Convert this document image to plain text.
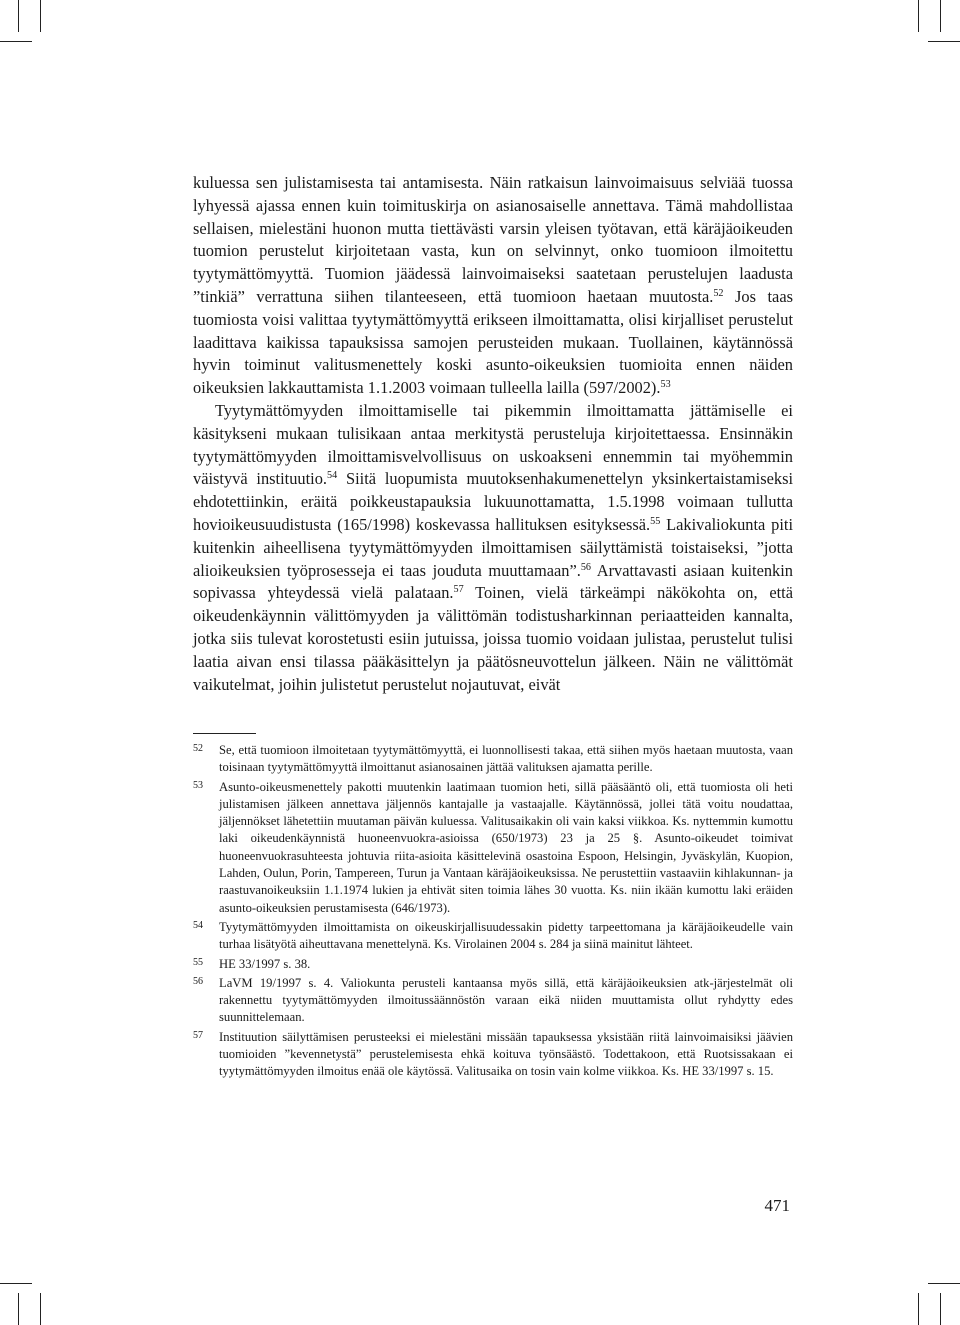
kuluessa sen julistamisesta tai antamisesta. Näin ratkaisun lainvoimaisuus selviää tuossa lyhyessä ajassa ennen kuin toimituskirja on asianosaiselle annettava. Tämä mahdollistaa sellaisen, mielestäni huonon mutta tiettävästi varsin yleisen työtavan, että käräjäoikeuden tuomion perustelut kirjoitetaan vasta, kun on selvinnyt, onko tuomioon ilmoitettu tyytymättömyyttä. Tuomion jäädessä lainvoimaiseksi saatetaan perustelujen laadusta ”tinkiä” verrattuna siihen tilanteeseen, että tuomioon haetaan muutosta.$^{52}$ Jos taas tuomiosta voisi valittaa tyytymättömyyttä erikseen ilmoittamatta, olisi kirjalliset perustelut laadittava kaikissa tapauksissa samojen perusteiden mukaan. Tuollainen, käytännössä hyvin toiminut valitusmenettely koski asunto-oikeuksien tuomioita ennen näiden oikeuksien lakkauttamista 1.1.2003 voimaan tulleella lailla (597/2002).$^{53}$

Tyytymättömyyden ilmoittamiselle tai pikemmin ilmoittamatta jättämiselle ei käsitykseni mukaan tulisikaan antaa merkitystä perusteluja kirjoitettaessa. Ensinnäkin tyytymättömyyden ilmoittamisvelvollisuus on uskoakseni ennemmin tai myöhemmin väistyvä instituutio.$^{54}$ Siitä luopumista muutoksenhakumenettelyn yksinkertaistamiseksi ehdotettiinkin, eräitä poikkeustapauksia lukuunottamatta, 1.5.1998 voimaan tullutta hovioikeusuudistusta (165/1998) koskevassa hallituksen esityksessä.$^{55}$ Lakivaliokunta piti kuitenkin aiheellisena tyytymättömyyden ilmoittamisen säilyttämistä toistaiseksi, ”jotta alioikeuksien työprosesseja ei taas jouduta muuttamaan”.$^{56}$ Arvattavasti asiaan kuitenkin sopivassa yhteydessä vielä palataan.$^{57}$ Toinen, vielä tärkeämpi näkökohta on, että oikeudenkäynnin välittömyyden ja välittömän todistusharkinnan periaatteiden kannalta, jotka siis tulevat korostetusti esiin jutuissa, joissa tuomio voidaan julistaa, perustelut tulisi laatia aivan ensi tilassa pääkäsittelyn ja päätösneuvottelun jälkeen. Näin ne välittömät vaikutelmat, joihin julistetut perustelut nojautuvat, eivät

52	Se, että tuomioon ilmoitetaan tyytymättömyyttä, ei luonnollisesti takaa, että siihen myös haetaan muutosta, vaan toisinaan tyytymättömyyttä ilmoittanut asianosainen jättää valituksen ajamatta perille.
53	Asunto-oikeusmenettely pakotti muutenkin laatimaan tuomion heti, sillä pääsääntö oli, että tuomiosta oli heti julistamisen jälkeen annettava jäljennös kantajalle ja vastaajalle. Käytännössä, jollei tätä voitu noudattaa, jäljennökset lähetettiin muutaman päivän kuluessa. Valitusaikakin oli vain kaksi viikkoa. Ks. nyttemmin kumottu laki oikeudenkäynnistä huoneenvuokra-asioissa (650/1973) 23 ja 25 §. Asunto-oikeudet toimivat huoneenvuokrasuhteesta johtuvia riita-asioita käsittelevinä osastoina Espoon, Helsingin, Jyväskylän, Kuopion, Lahden, Oulun, Porin, Tampereen, Turun ja Vantaan käräjäoikeuksissa. Ne perustettiin vastaaviin kihlakunnan- ja raastuvanoikeuksiin 1.1.1974 lukien ja ehtivät siten toimia lähes 30 vuotta. Ks. niin ikään kumottu laki eräiden asunto-oikeuksien perustamisesta (646/1973).
54	Tyytymättömyyden ilmoittamista on oikeuskirjallisuudessakin pidetty tarpeettomana ja käräjäoikeudelle vain turhaa lisätyötä aiheuttavana menettelynä. Ks. Virolainen 2004 s. 284 ja siinä mainitut lähteet.
55	HE 33/1997 s. 38.
56	LaVM 19/1997 s. 4. Valiokunta perusteli kantaansa myös sillä, että käräjäoikeuksien atk-järjestelmät oli rakennettu tyytymättömyyden ilmoitussäännöstön varaan eikä niiden muuttamista ollut ryhdytty edes suunnittelemaan.
57	Instituution säilyttämisen perusteeksi ei mielestäni missään tapauksessa yksistään riitä lainvoimaisiksi jäävien tuomioiden ”kevennetystä” perustelemisesta ehkä koituva työnsäästö. Todettakoon, että Ruotsissakaan ei tyytymättömyyden ilmoitus enää ole käytössä. Valitusaika on tosin vain kolme viikkoa. Ks. HE 33/1997 s. 15.
471
